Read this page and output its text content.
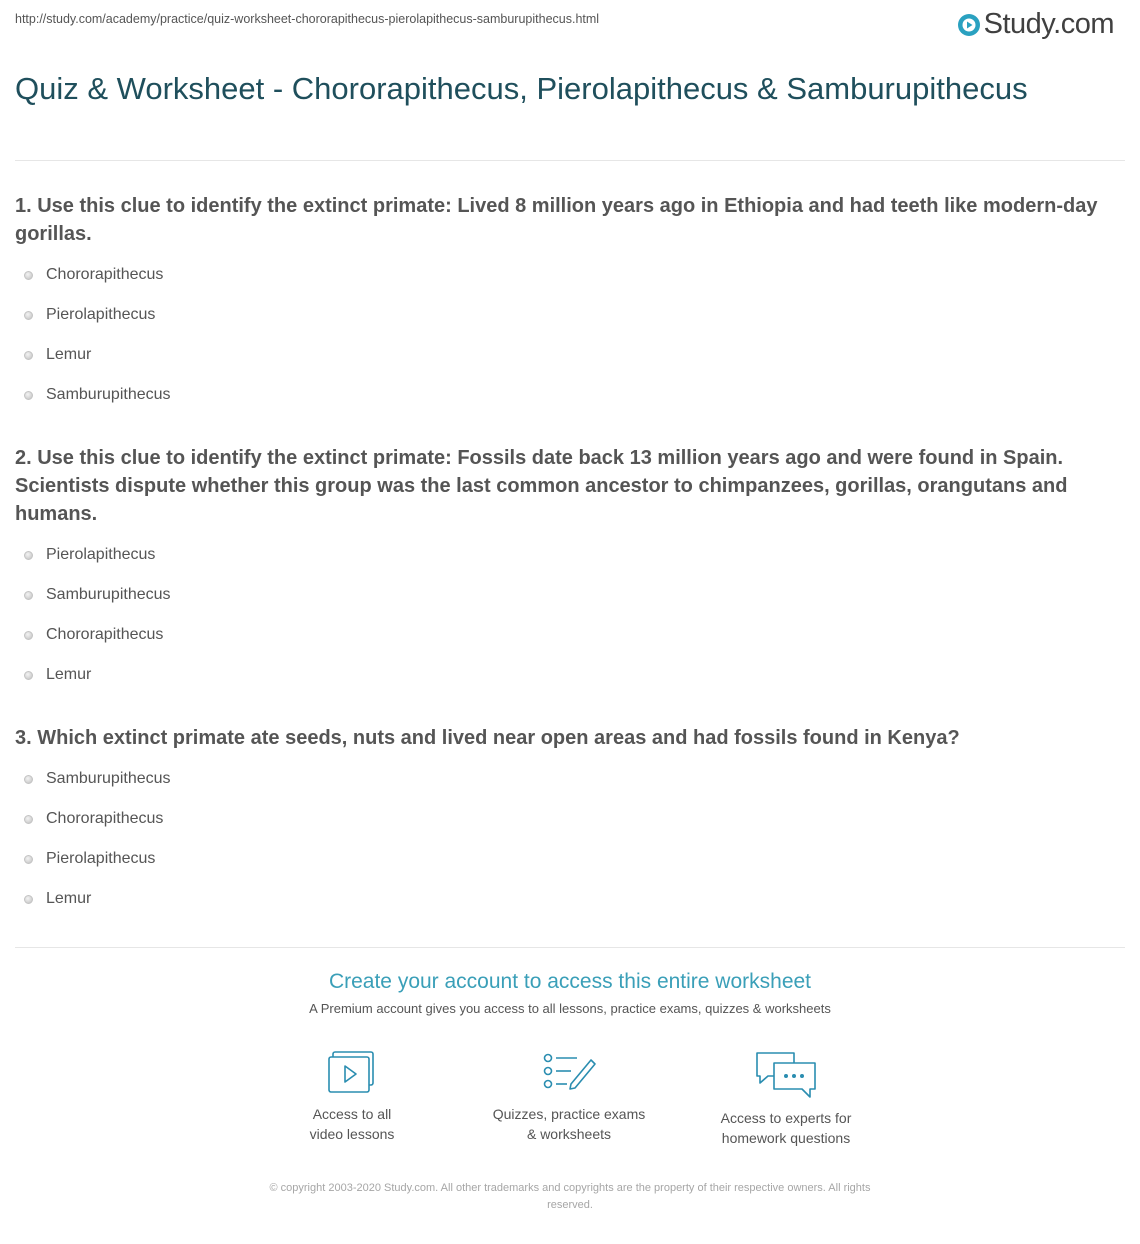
http://study.com/academy/practice/quiz-worksheet-chororapithecus-pierolapithecus-samburupithecus.html	Study.com
Quiz & Worksheet - Chororapithecus, Pierolapithecus & Samburupithecus

1. Use this clue to identify the extinct primate: Lived 8 million years ago in Ethiopia and had teeth like modern-day gorillas.

Chororapithecus
Pierolapithecus
Lemur
Samburupithecus

2. Use this clue to identify the extinct primate: Fossils date back 13 million years ago and were found in Spain. Scientists dispute whether this group was the last common ancestor to chimpanzees, gorillas, orangutans and humans.

Pierolapithecus
Samburupithecus
Chororapithecus
Lemur

3. Which extinct primate ate seeds, nuts and lived near open areas and had fossils found in Kenya?

Samburupithecus
Chororapithecus
Pierolapithecus
Lemur
Create your account to access this entire worksheet
A Premium account gives you access to all lessons, practice exams, quizzes & worksheets
Access to all
video lessons
Quizzes, practice exams
& worksheets
Access to experts for
homework questions
© copyright 2003-2020 Study.com. All other trademarks and copyrights are the property of their respective owners. All rights
reserved.
